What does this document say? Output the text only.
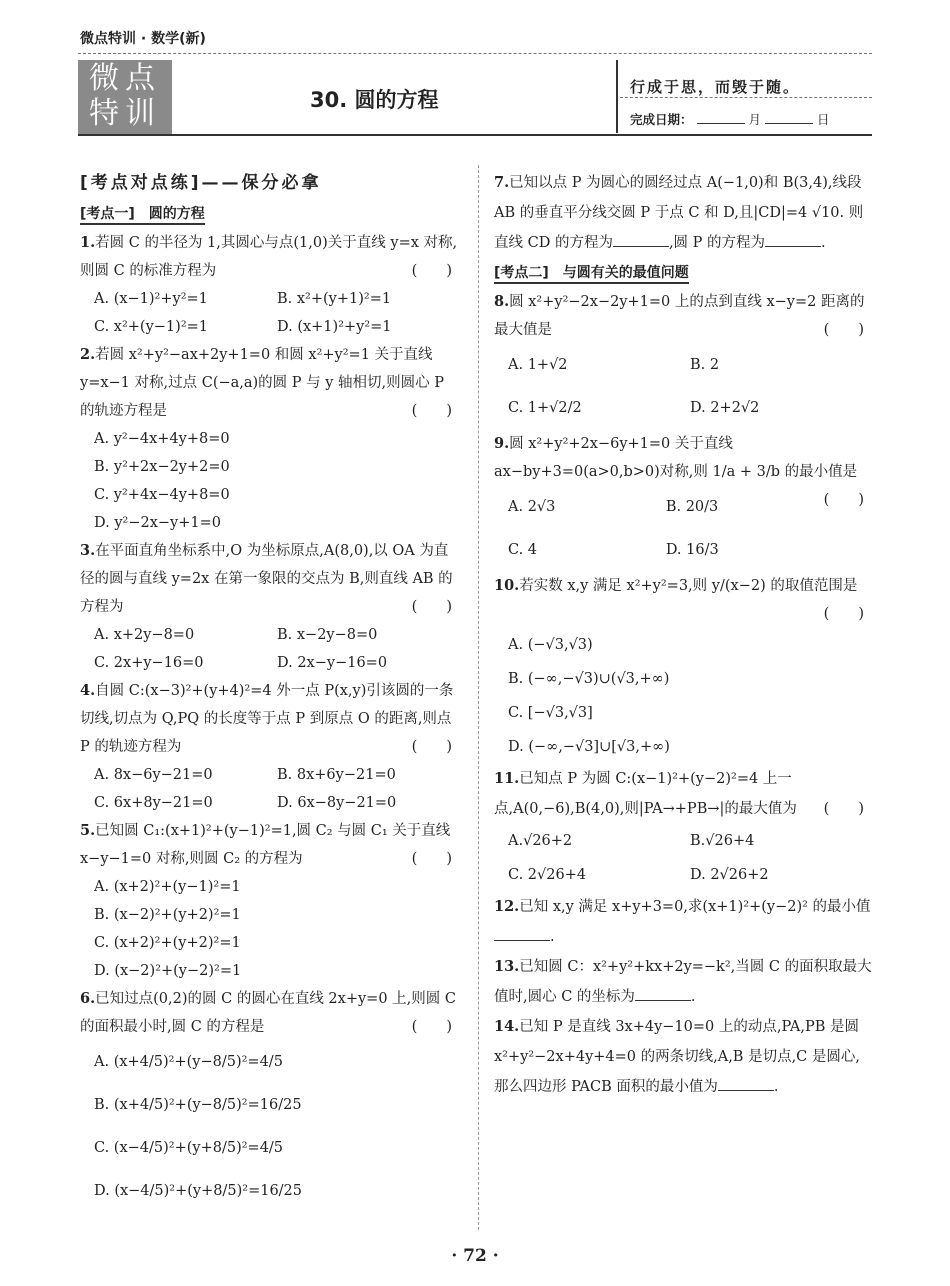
微点特训 · 数学(新)
微点
特训	30. 圆的方程
行成于思，而毁于随。
完成日期：	月	日
[考点对点练]——保分必拿
[考点一]　圆的方程
1.若圆 C 的半径为 1,其圆心与点(1,0)关于直线 y=x 对称,则圆 C 的标准方程为	(　　)
A. (x−1)²+y²=1	B. x²+(y+1)²=1
C. x²+(y−1)²=1	D. (x+1)²+y²=1
2.若圆 x²+y²−ax+2y+1=0 和圆 x²+y²=1 关于直线 y=x−1 对称,过点 C(−a,a)的圆 P 与 y 轴相切,则圆心 P 的轨迹方程是	(　　)
A. y²−4x+4y+8=0
B. y²+2x−2y+2=0
C. y²+4x−4y+8=0
D. y²−2x−y+1=0
3.在平面直角坐标系中,O 为坐标原点,A(8,0),以 OA 为直径的圆与直线 y=2x 在第一象限的交点为 B,则直线 AB 的方程为	(　　)
A. x+2y−8=0	B. x−2y−8=0
C. 2x+y−16=0	D. 2x−y−16=0
4.自圆 C:(x−3)²+(y+4)²=4 外一点 P(x,y)引该圆的一条切线,切点为 Q,PQ 的长度等于点 P 到原点 O 的距离,则点 P 的轨迹方程为	(　　)
A. 8x−6y−21=0	B. 8x+6y−21=0
C. 6x+8y−21=0	D. 6x−8y−21=0
5.已知圆 C₁:(x+1)²+(y−1)²=1,圆 C₂ 与圆 C₁ 关于直线 x−y−1=0 对称,则圆 C₂ 的方程为	(　　)
A. (x+2)²+(y−1)²=1
B. (x−2)²+(y+2)²=1
C. (x+2)²+(y+2)²=1
D. (x−2)²+(y−2)²=1
6.已知过点(0,2)的圆 C 的圆心在直线 2x+y=0 上,则圆 C 的面积最小时,圆 C 的方程是	(　　)
A. (x+4/5)²+(y−8/5)²=4/5
B. (x+4/5)²+(y−8/5)²=16/25
C. (x−4/5)²+(y+8/5)²=4/5
D. (x−4/5)²+(y+8/5)²=16/25
7.已知以点 P 为圆心的圆经过点 A(−1,0)和 B(3,4),线段 AB 的垂直平分线交圆 P 于点 C 和 D,且|CD|=4 √10. 则直线 CD 的方程为	,圆 P 的方程为	.
[考点二]　与圆有关的最值问题
8.圆 x²+y²−2x−2y+1=0 上的点到直线 x−y=2 距离的最大值是	(　　)
A. 1+√2	B. 2
C. 1+√2/2	D. 2+2√2
9.圆 x²+y²+2x−6y+1=0 关于直线 ax−by+3=0(a>0,b>0)对称,则 1/a + 3/b 的最小值是
(　　)
A. 2√3	B. 20/3
C. 4	D. 16/3
10.若实数 x,y 满足 x²+y²=3,则 y/(x−2) 的取值范围是
(　　)
A. (−√3,√3)
B. (−∞,−√3)∪(√3,+∞)
C. [−√3,√3]
D. (−∞,−√3]∪[√3,+∞)
11.已知点 P 为圆 C:(x−1)²+(y−2)²=4 上一点,A(0,−6),B(4,0),则|PA→+PB→|的最大值为 (　　)
A.√26+2	B.√26+4
C. 2√26+4	D. 2√26+2
12.已知 x,y 满足 x+y+3=0,求(x+1)²+(y−2)² 的最小值.
13.已知圆 C：x²+y²+kx+2y=−k²,当圆 C 的面积取最大值时,圆心 C 的坐标为	.
14.已知 P 是直线 3x+4y−10=0 上的动点,PA,PB 是圆 x²+y²−2x+4y+4=0 的两条切线,A,B 是切点,C 是圆心,那么四边形 PACB 面积的最小值为	.
· 72 ·
